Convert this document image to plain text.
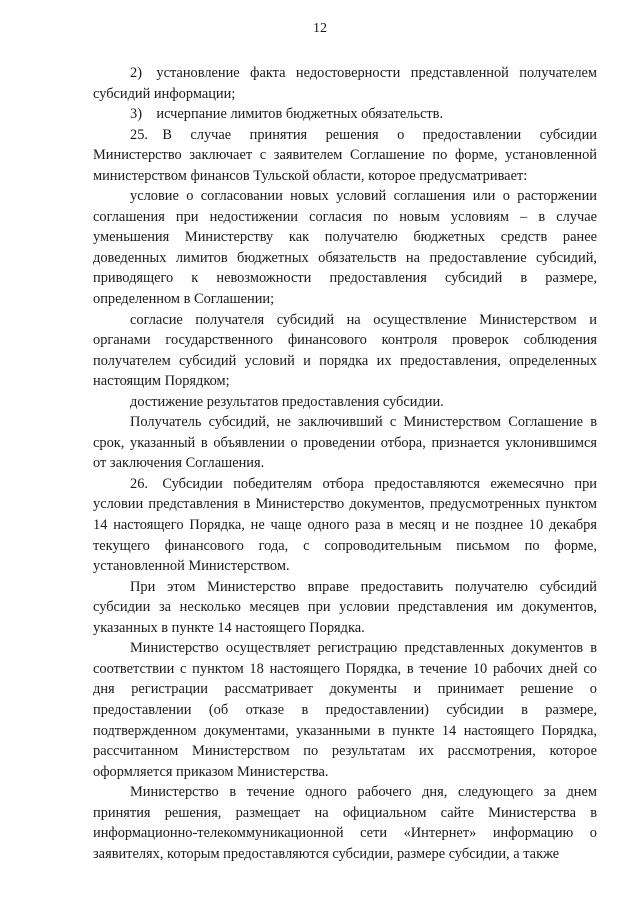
12

2) установление факта недостоверности представленной получателем субсидий информации;

3) исчерпание лимитов бюджетных обязательств.

25. В случае принятия решения о предоставлении субсидии Министерство заключает с заявителем Соглашение по форме, установленной министерством финансов Тульской области, которое предусматривает:

условие о согласовании новых условий соглашения или о расторжении соглашения при недостижении согласия по новым условиям – в случае уменьшения Министерству как получателю бюджетных средств ранее доведенных лимитов бюджетных обязательств на предоставление субсидий, приводящего к невозможности предоставления субсидий в размере, определенном в Соглашении;

согласие получателя субсидий на осуществление Министерством и органами государственного финансового контроля проверок соблюдения получателем субсидий условий и порядка их предоставления, определенных настоящим Порядком;

достижение результатов предоставления субсидии.

Получатель субсидий, не заключивший с Министерством Соглашение в срок, указанный в объявлении о проведении отбора, признается уклонившимся от заключения Соглашения.

26. Субсидии победителям отбора предоставляются ежемесячно при условии представления в Министерство документов, предусмотренных пунктом 14 настоящего Порядка, не чаще одного раза в месяц и не позднее 10 декабря текущего финансового года, с сопроводительным письмом по форме, установленной Министерством.

При этом Министерство вправе предоставить получателю субсидий субсидии за несколько месяцев при условии представления им документов, указанных в пункте 14 настоящего Порядка.

Министерство осуществляет регистрацию представленных документов в соответствии с пунктом 18 настоящего Порядка, в течение 10 рабочих дней со дня регистрации рассматривает документы и принимает решение о предоставлении (об отказе в предоставлении) субсидии в размере, подтвержденном документами, указанными в пункте 14 настоящего Порядка, рассчитанном Министерством по результатам их рассмотрения, которое оформляется приказом Министерства.

Министерство в течение одного рабочего дня, следующего за днем принятия решения, размещает на официальном сайте Министерства в информационно-телекоммуникационной сети «Интернет» информацию о заявителях, которым предоставляются субсидии, размере субсидии, а также
